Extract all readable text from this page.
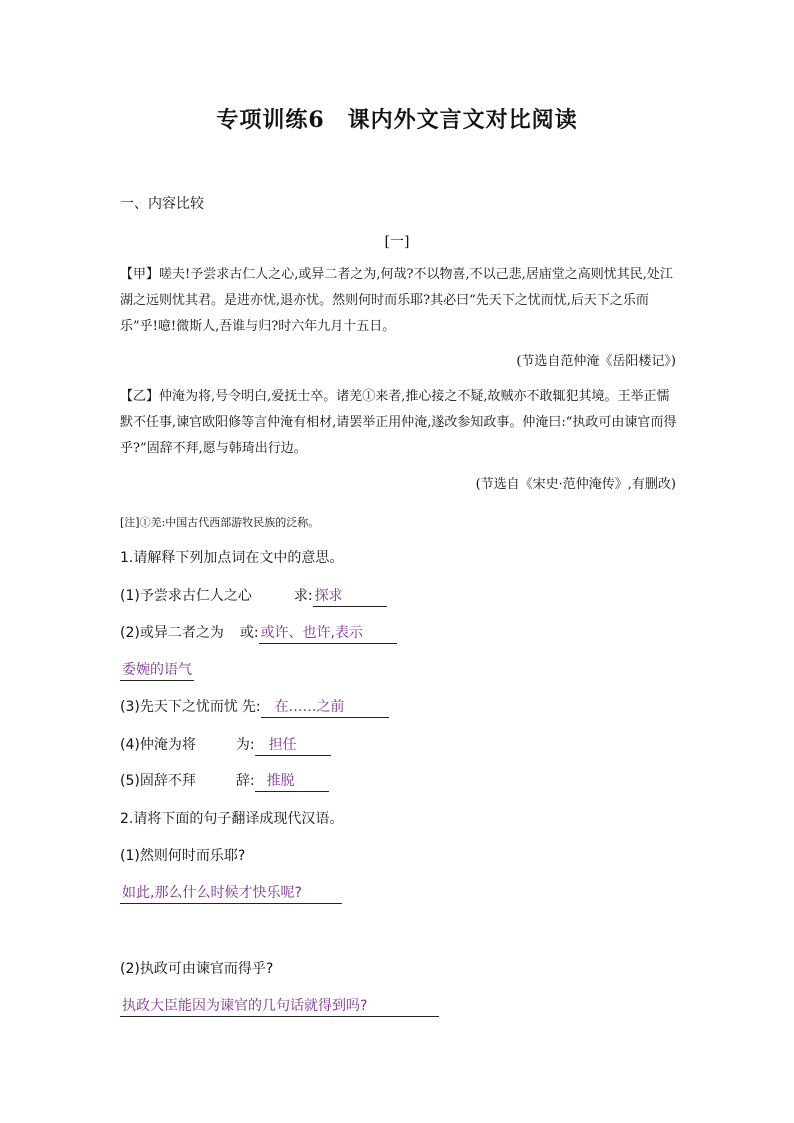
专项训练6　课内外文言文对比阅读
一、内容比较
[一]
【甲】嗟夫!予尝求古仁人之心,或异二者之为,何哉?不以物喜,不以己悲,居庙堂之高则忧其民,处江湖之远则忧其君。是进亦忧,退亦忧。然则何时而乐耶?其必曰“先天下之忧而忧,后天下之乐而乐”乎!噫!微斯人,吾谁与归?时六年九月十五日。
(节选自范仲淹《岳阳楼记》)
【乙】仲淹为将,号令明白,爱抚士卒。诸羌①来者,推心接之不疑,故贼亦不敢辄犯其境。王举正懦默不任事,谏官欧阳修等言仲淹有相材,请罢举正用仲淹,遂改参知政事。仲淹曰:“执政可由谏官而得乎?”固辞不拜,愿与韩琦出行边。
(节选自《宋史·范仲淹传》,有删改)
[注]①羌:中国古代西部游牧民族的泛称。
1.请解释下列加点词在文中的意思。
(1)予尝求古仁人之心	求: 探求
(2)或异二者之为 或: 或许、也许,表示
委婉的语气
(3)先天下之忧而忧 先: 在……之前
(4)仲淹为将	为: 担任
(5)固辞不拜	辞: 推脱
2.请将下面的句子翻译成现代汉语。
(1)然则何时而乐耶?
如此,那么什么时候才快乐呢?
(2)执政可由谏官而得乎?
执政大臣能因为谏官的几句话就得到吗?
